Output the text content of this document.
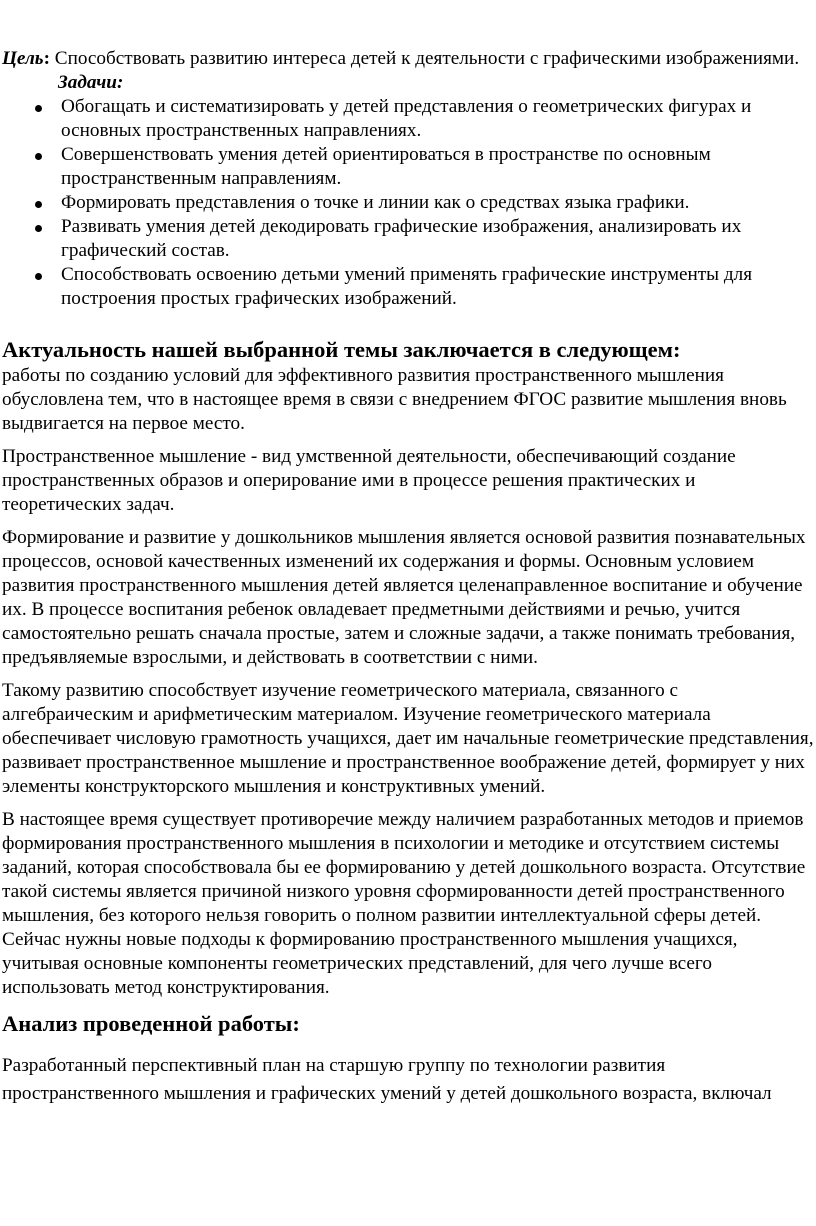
Цель: Способствовать развитию интереса детей к деятельности с графическими изображениями.

Задачи:

Обогащать и систематизировать у детей представления о геометрических фигурах и основных пространственных направлениях.
Совершенствовать умения детей ориентироваться в пространстве по основным пространственным направлениям.
Формировать представления о точке и линии как о средствах языка графики.
Развивать умения детей декодировать графические изображения, анализировать их графический состав.
Способствовать освоению детьми умений применять графические инструменты для построения простых графических изображений.
Актуальность нашей выбранной темы заключается в следующем:

работы по созданию условий для эффективного развития пространственного мышления обусловлена тем, что в настоящее время в связи с внедрением ФГОС развитие мышления вновь выдвигается на первое место.

Пространственное мышление - вид умственной деятельности, обеспечивающий создание пространственных образов и оперирование ими в процессе решения практических и теоретических задач.

Формирование и развитие у дошкольников мышления является основой развития познавательных процессов, основой качественных изменений их содержания и формы. Основным условием развития пространственного мышления детей является целенаправленное воспитание и обучение их. В процессе воспитания ребенок овладевает предметными действиями и речью, учится самостоятельно решать сначала простые, затем и сложные задачи, а также понимать требования, предъявляемые взрослыми, и действовать в соответствии с ними.

Такому развитию способствует изучение геометрического материала, связанного с алгебраическим и арифметическим материалом. Изучение геометрического материала обеспечивает числовую грамотность учащихся, дает им начальные геометрические представления, развивает пространственное мышление и пространственное воображение детей, формирует у них элементы конструкторского мышления и конструктивных умений.

В настоящее время существует противоречие между наличием разработанных методов и приемов формирования пространственного мышления в психологии и методике и отсутствием системы заданий, которая способствовала бы ее формированию у детей дошкольного возраста. Отсутствие такой системы является причиной низкого уровня сформированности детей пространственного мышления, без которого нельзя говорить о полном развитии интеллектуальной сферы детей. Сейчас нужны новые подходы к формированию пространственного мышления учащихся, учитывая основные компоненты геометрических представлений, для чего лучше всего использовать метод конструктирования.

Анализ проведенной работы:

Разработанный перспективный план на старшую группу по технологии развития пространственного мышления и графических умений у детей дошкольного возраста, включал
